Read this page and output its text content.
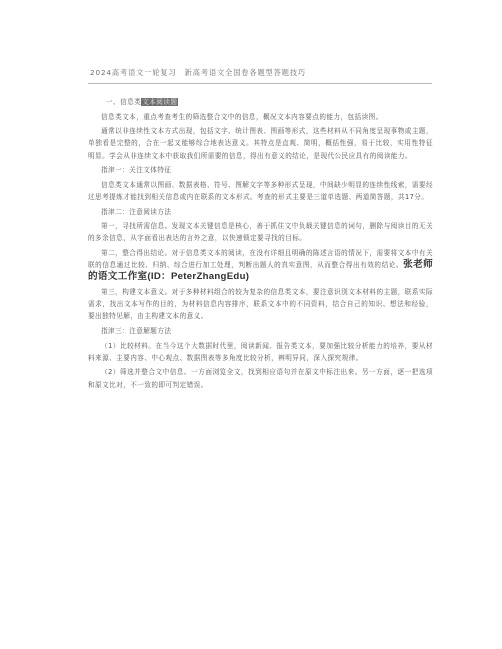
2024高考语文一轮复习　新高考语文全国卷各题型答题技巧

一、信息类文本阅读题

信息类文本，重点考查考生的筛选整合文中的信息，概况文本内容要点的能力，包括读图。

通常以非连续性文本方式出现，包括文字、统计图表、图画等形式，这些材料从不同角度呈现事物或主题，单独看是完整的，合在一起又能够综合地表达意义。其特点是直观、简明，概括性强，易于比较，实用性特征明显。学会从非连续文本中获取我们所需要的信息，得出有意义的结论，是现代公民应具有的阅读能力。

指津一：关注文体特征

信息类文本通常以图画、数据表格、符号、图解文字等多种形式呈现，中间缺少明显的连续性线索，需要经过思考提炼才能找到相关信息或内在联系的文本形式。考查的形式主要是三道单选题、两道简答题，共17分。

指津二：注意阅读方法

第一，寻找所需信息。发现文本关键信息是核心，善于抓住文中负载关键信息的词句，删除与阅读目的无关的多余信息，从字面看出表达的言外之意，以快速锁定要寻找的目标。

第二，整合得出结论。对于信息类文本的阅读，在没有详细且明确的陈述言语的情况下，需要将文本中有关联的信息通过比较、归纳、综合进行加工处理，判断出题人的真实意图，从而整合得出有效的结论。张老师的语文工作室(ID：PeterZhangEdu)

第三，构建文本意义。对于多种材料组合的较为复杂的信息类文本，要注意识别文本材料的主题，联系实际需求，找出文本写作的目的，为材料信息内容排序，联系文本中的不同资料，结合自己的知识、想法和经验，要出独特见解，由主构建文本的意义。

指津三：注意解题方法

（1）比较材料。在当今这个大数据时代里，阅读新闻、报告类文本，要加强比较分析能力的培养，要从材料来源、主要内容、中心观点、数据图表等多角度比较分析，辨明异同，深入探究规律。

（2）筛选并整合文中信息。一方面浏览全文，找到相应语句并在原文中标注出来。另一方面，逐一把选项和原文比对，不一致的即可判定错误。
